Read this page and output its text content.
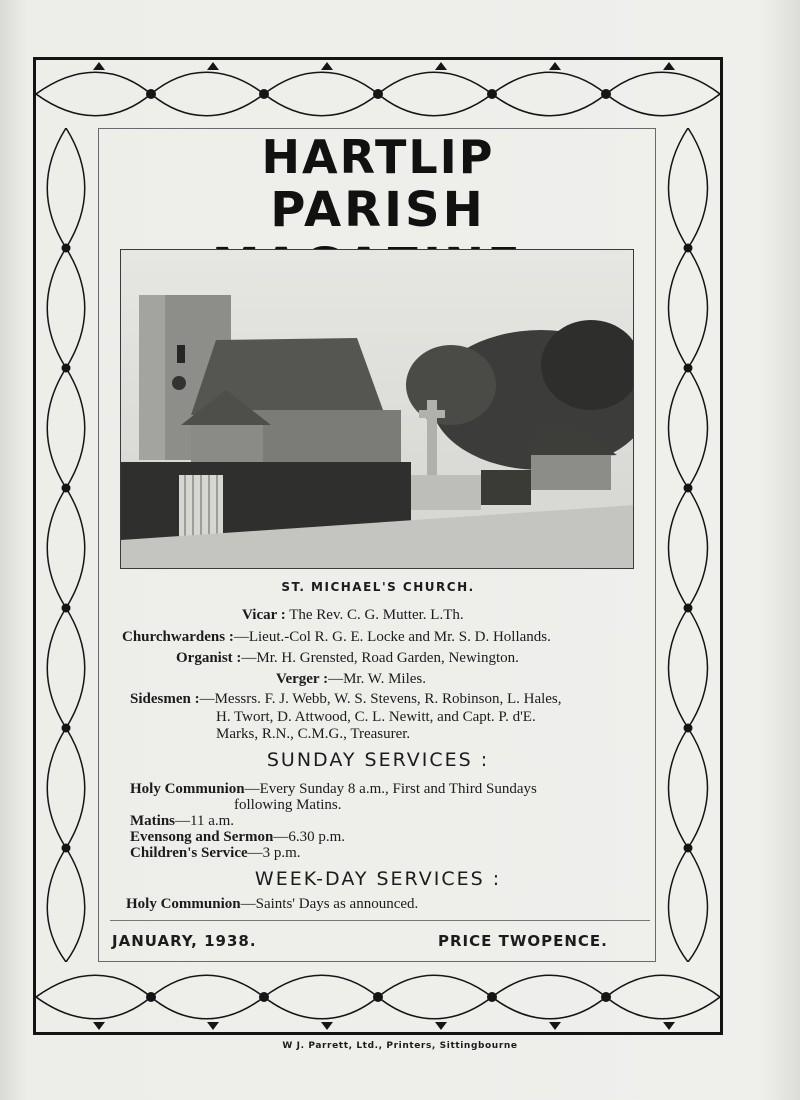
HARTLIP
PARISH
ST. MICHAEL'S CHURCH.
Vicar : The Rev. C. G. Mutter. L.Th.
Churchwardens :—Lieut.-Col R. G. E. Locke and Mr. S. D. Hollands.
Organist :—Mr. H. Grensted, Road Garden, Newington.
Verger :—Mr. W. Miles.
Sidesmen :—Messrs. F. J. Webb, W. S. Stevens, R. Robinson, L. Hales,
H. Twort, D. Attwood, C. L. Newitt, and Capt. P. d'E.
Marks, R.N., C.M.G., Treasurer.
SUNDAY SERVICES :
Holy Communion—Every Sunday 8 a.m., First and Third Sundays
following Matins.
Matins—11 a.m.
Evensong and Sermon—6.30 p.m.
Children's Service—3 p.m.
WEEK-DAY SERVICES :
Holy Communion—Saints' Days as announced.
JANUARY, 1938.	PRICE TWOPENCE.
W J. Parrett, Ltd., Printers, Sittingbourne
